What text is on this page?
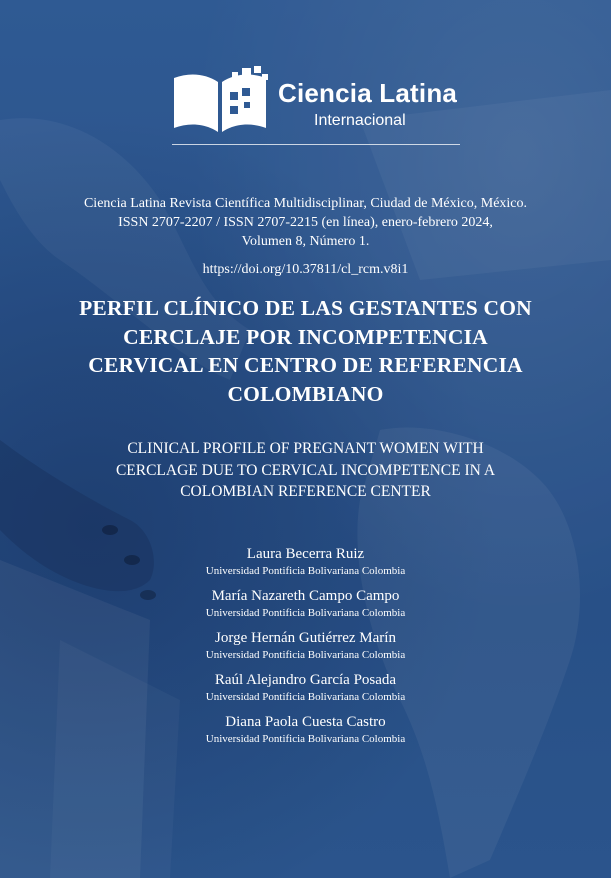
Ciencia Latina
Internacional
Ciencia Latina Revista Científica Multidisciplinar, Ciudad de México, México.
ISSN 2707-2207 / ISSN 2707-2215 (en línea), enero-febrero 2024,
Volumen 8, Número 1.
https://doi.org/10.37811/cl_rcm.v8i1
PERFIL CLÍNICO DE LAS GESTANTES CON
CERCLAJE POR INCOMPETENCIA
CERVICAL EN CENTRO DE REFERENCIA
COLOMBIANO
CLINICAL PROFILE OF PREGNANT WOMEN WITH
CERCLAGE DUE TO CERVICAL INCOMPETENCE IN A
COLOMBIAN REFERENCE CENTER
Laura Becerra Ruiz
Universidad Pontificia Bolivariana Colombia
María Nazareth Campo Campo
Universidad Pontificia Bolivariana Colombia
Jorge Hernán Gutiérrez Marín
Universidad Pontificia Bolivariana Colombia
Raúl Alejandro García Posada
Universidad Pontificia Bolivariana Colombia
Diana Paola Cuesta Castro
Universidad Pontificia Bolivariana Colombia
